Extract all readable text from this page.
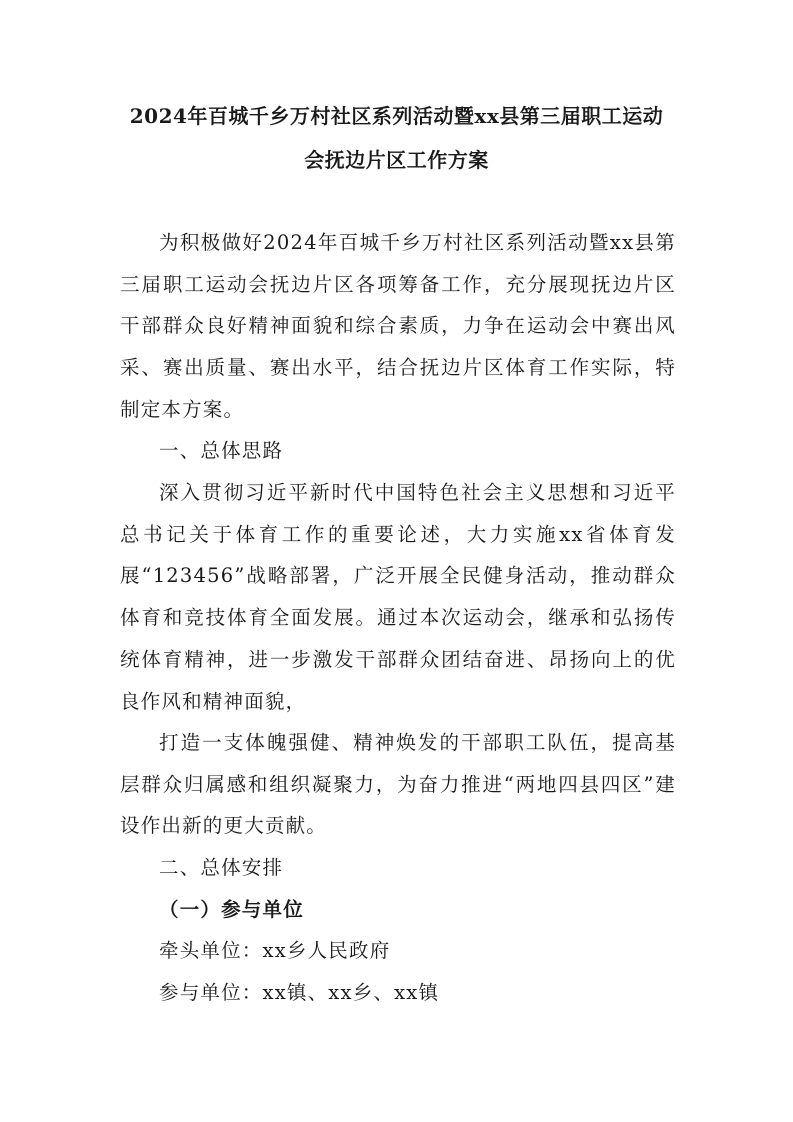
2024年百城千乡万村社区系列活动暨xx县第三届职工运动
会抚边片区工作方案

为积极做好2024年百城千乡万村社区系列活动暨xx县第三届职工运动会抚边片区各项筹备工作，充分展现抚边片区干部群众良好精神面貌和综合素质，力争在运动会中赛出风采、赛出质量、赛出水平，结合抚边片区体育工作实际，特制定本方案。

一、总体思路

深入贯彻习近平新时代中国特色社会主义思想和习近平总书记关于体育工作的重要论述，大力实施xx省体育发展“123456”战略部署，广泛开展全民健身活动，推动群众体育和竞技体育全面发展。通过本次运动会，继承和弘扬传统体育精神，进一步激发干部群众团结奋进、昂扬向上的优良作风和精神面貌，

打造一支体魄强健、精神焕发的干部职工队伍，提高基层群众归属感和组织凝聚力，为奋力推进“两地四县四区”建设作出新的更大贡献。

二、总体安排

（一）参与单位

牵头单位：xx乡人民政府

参与单位：xx镇、xx乡、xx镇
